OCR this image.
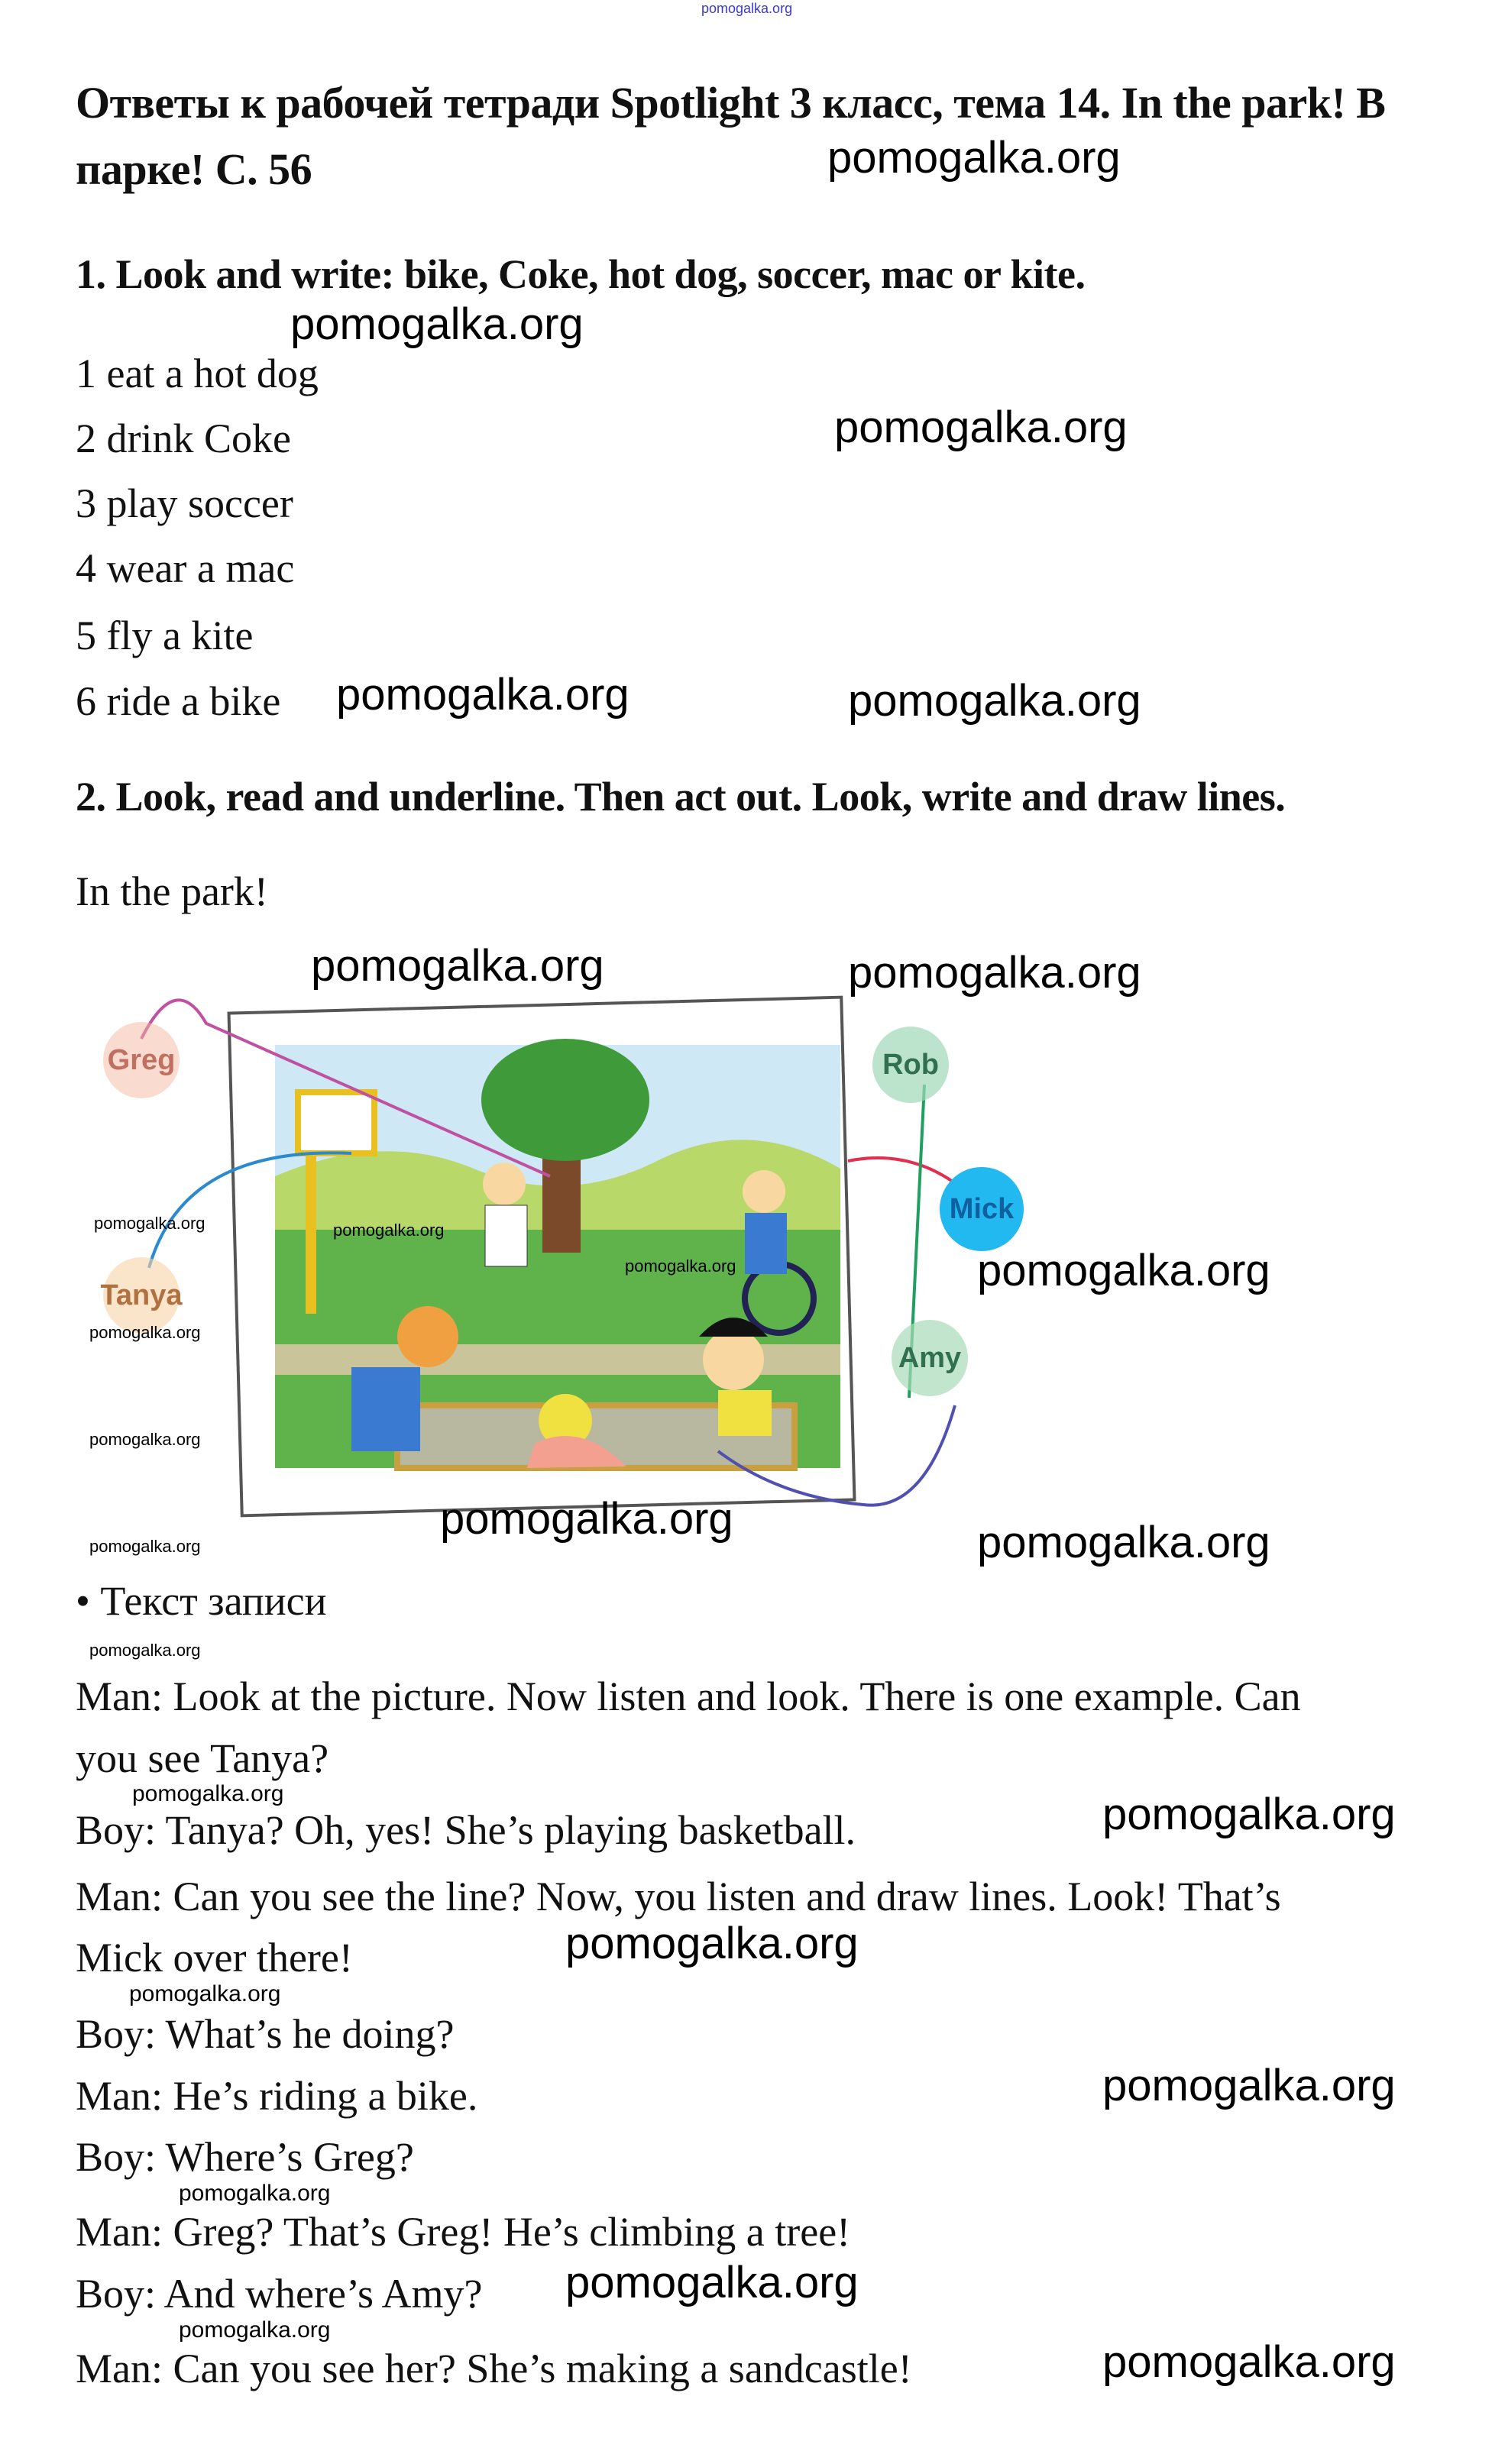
pomogalka.org
Ответы к рабочей тетради Spotlight 3 класс, тема 14. In the park! В
парке! С. 56
1. Look and write: bike, Coke, hot dog, soccer, mac or kite.
1 eat a hot dog
2 drink Coke
3 play soccer
4 wear a mac
5 fly a kite
6 ride a bike
2. Look, read and underline. Then act out. Look, write and draw lines.
In the park!
Greg
Tanya
Rob
Mick
Amy
• Текст записи
Man: Look at the picture. Now listen and look. There is one example. Can
you see Tanya?
Boy: Tanya? Oh, yes! She’s playing basketball.
Man: Can you see the line? Now, you listen and draw lines. Look! That’s
Mick over there!
Boy: What’s he doing?
Man: He’s riding a bike.
Boy: Where’s Greg?
Man: Greg? That’s Greg! He’s climbing a tree!
Boy: And where’s Amy?
Man: Can you see her? She’s making a sandcastle!
pomogalka.org
pomogalka.org
pomogalka.org
pomogalka.org	pomogalka.org
pomogalka.org	pomogalka.org
pomogalka.org
pomogalka.org	pomogalka.org
pomogalka.org	pomogalka.org
pomogalka.org
pomogalka.org
pomogalka.org
pomogalka.org
pomogalka.org
pomogalka.org	pomogalka.org
pomogalka.org
pomogalka.org
pomogalka.org
pomogalka.org
pomogalka.org
pomogalka.org
pomogalka.org
